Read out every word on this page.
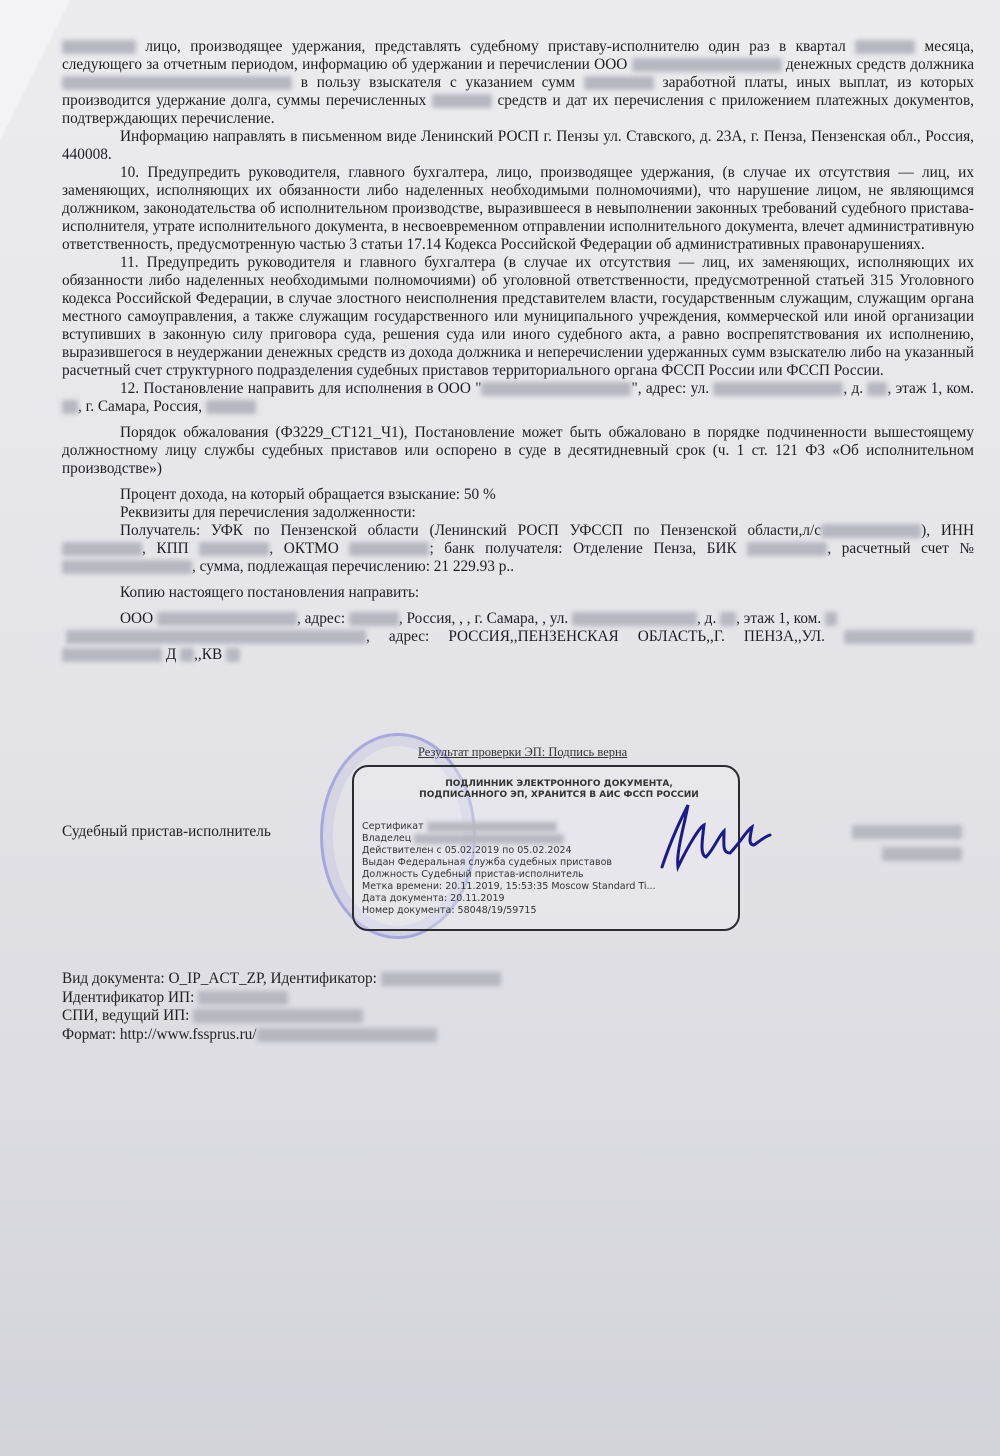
лицо, производящее удержания, представлять судебному приставу-исполнителю один раз в квартал	месяца, следующего за отчетным периодом, информацию об удержании и перечислении ООО	денежных средств должника  в пользу взыскателя с указанием сумм	заработной платы, иных выплат, из которых производится удержание долга, суммы перечисленных	средств и дат их перечисления с приложением платежных документов, подтверждающих перечисление.

Информацию направлять в письменном виде Ленинский РОСП г. Пензы ул. Ставского, д. 23А, г. Пенза, Пензенская обл., Россия, 440008.

10. Предупредить руководителя, главного бухгалтера, лицо, производящее удержания, (в случае их отсутствия — лиц, их заменяющих, исполняющих их обязанности либо наделенных необходимыми полномочиями), что нарушение лицом, не являющимся должником, законодательства об исполнительном производстве, выразившееся в невыполнении законных требований судебного пристава-исполнителя, утрате исполнительного документа, в несвоевременном отправлении исполнительного документа, влечет административную ответственность, предусмотренную частью 3 статьи 17.14 Кодекса Российской Федерации об административных правонарушениях.

11. Предупредить руководителя и главного бухгалтера (в случае их отсутствия — лиц, их заменяющих, исполняющих их обязанности либо наделенных необходимыми полномочиями) об уголовной ответственности, предусмотренной статьей 315 Уголовного кодекса Российской Федерации, в случае злостного неисполнения представителем власти, государственным служащим, служащим органа местного самоуправления, а также служащим государственного или муниципального учреждения, коммерческой или иной организации вступивших в законную силу приговора суда, решения суда или иного судебного акта, а равно воспрепятствования их исполнению, выразившегося в неудержании денежных средств из дохода должника и неперечислении удержанных сумм взыскателю либо на указанный расчетный счет структурного подразделения судебных приставов территориального органа ФССП России или ФССП России.

12. Постановление направить для исполнения в ООО "	", адрес: ул.	, д. , этаж 1, ком. , г. Самара, Россия,

Порядок обжалования (ФЗ229_СТ121_Ч1), Постановление может быть обжаловано в порядке подчиненности вышестоящему должностному лицу службы судебных приставов или оспорено в суде в десятидневный срок (ч. 1 ст. 121 ФЗ «Об исполнительном производстве»)

Процент дохода, на который обращается взыскание: 50 %

Реквизиты для перечисления задолженности:

Получатель: УФК по Пензенской области (Ленинский РОСП УФССП по Пензенской области,л/с	), ИНН , КПП	, ОКТМО	; банк получателя: Отделение Пенза, БИК	, расчетный счет № , сумма, подлежащая перечислению: 21 229.93 р..

Копию настоящего постановления направить:

ООО	, адрес:	, Россия, , , г. Самара, , ул.	, д. , этаж 1, ком.

, адрес: РОССИЯ,,ПЕНЗЕНСКАЯ ОБЛАСТЬ,,Г. ПЕНЗА,,УЛ.   Д ,,КВ

Результат проверки ЭП: Подпись верна
Судебный пристав-исполнитель
ПОДЛИННИК ЭЛЕКТРОННОГО ДОКУМЕНТА,
ПОДПИСАННОГО ЭП, ХРАНИТСЯ В АИС ФССП РОССИИ
Сертификат
Владелец
Действителен с 05.02.2019 по 05.02.2024
Выдан Федеральная служба судебных приставов
Должность Судебный пристав-исполнитель
Метка времени: 20.11.2019, 15:53:35 Moscow Standard Ti...
Дата документа: 20.11.2019
Номер документа: 58048/19/59715

Вид документа: O_IP_ACT_ZP, Идентификатор:
Идентификатор ИП:
СПИ, ведущий ИП:
Формат: http://www.fssprus.ru/
